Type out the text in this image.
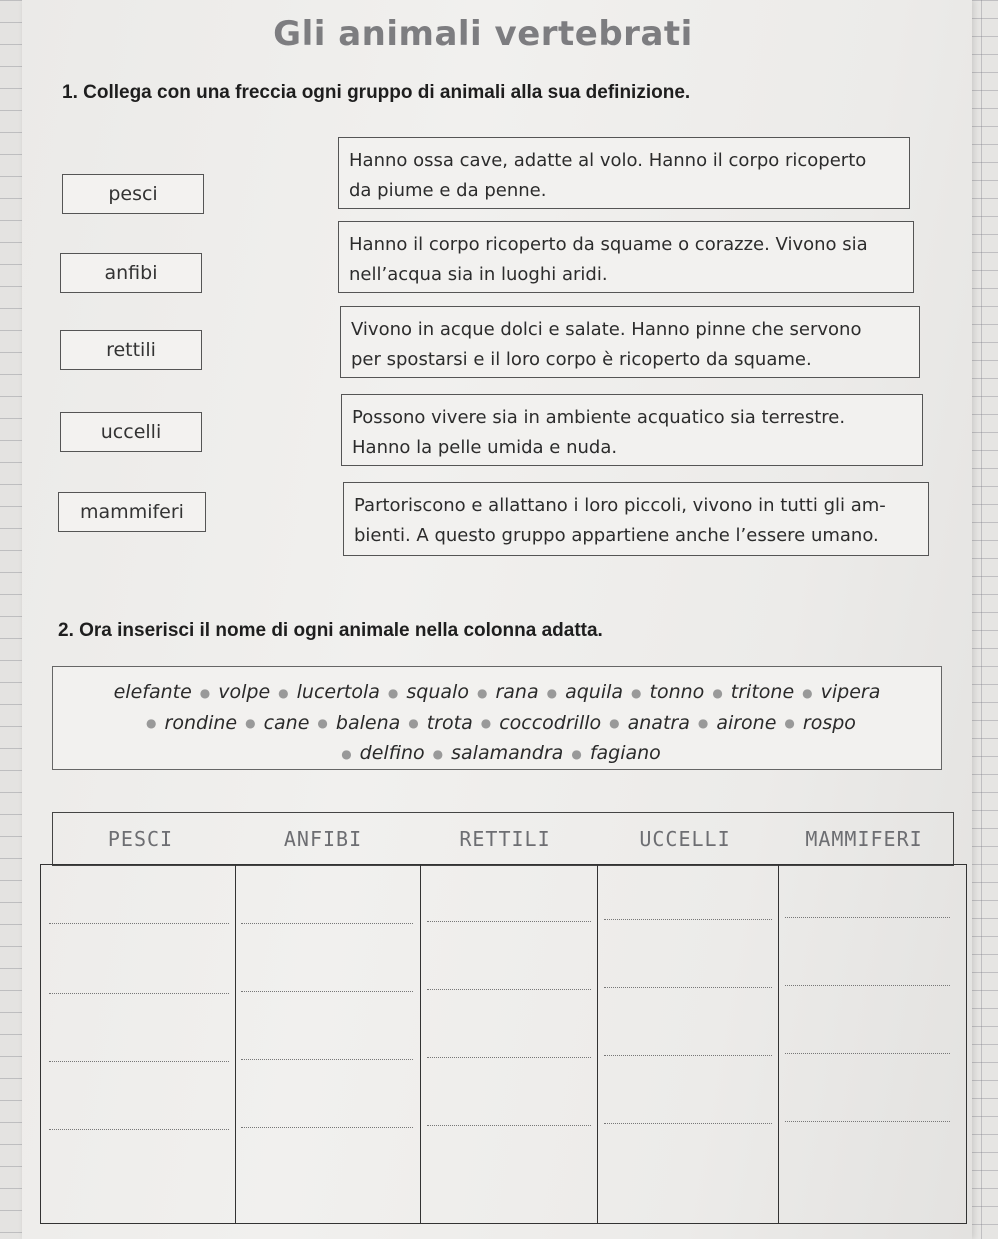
Gli animali vertebrati
1. Collega con una freccia ogni gruppo di animali alla sua definizione.
pesci
anfibi
rettili
uccelli
mammiferi
Hanno ossa cave, adatte al volo. Hanno il corpo ricoperto
da piume e da penne.
Hanno il corpo ricoperto da squame o corazze. Vivono sia
nell’acqua sia in luoghi aridi.
Vivono in acque dolci e salate. Hanno pinne che servono
per spostarsi e il loro corpo è ricoperto da squame.
Possono vivere sia in ambiente acquatico sia terrestre.
Hanno la pelle umida e nuda.
Partoriscono e allattano i loro piccoli, vivono in tutti gli am-
bienti. A questo gruppo appartiene anche l’essere umano.
2. Ora inserisci il nome di ogni animale nella colonna adatta.
elefante ● volpe ● lucertola ● squalo ● rana ● aquila ● tonno ● tritone ● vipera
● rondine ● cane ● balena ● trota ● coccodrillo ● anatra ● airone ● rospo
● delfino ● salamandra ● fagiano
PESCI	ANFIBI	RETTILI	UCCELLI	MAMMIFERI
